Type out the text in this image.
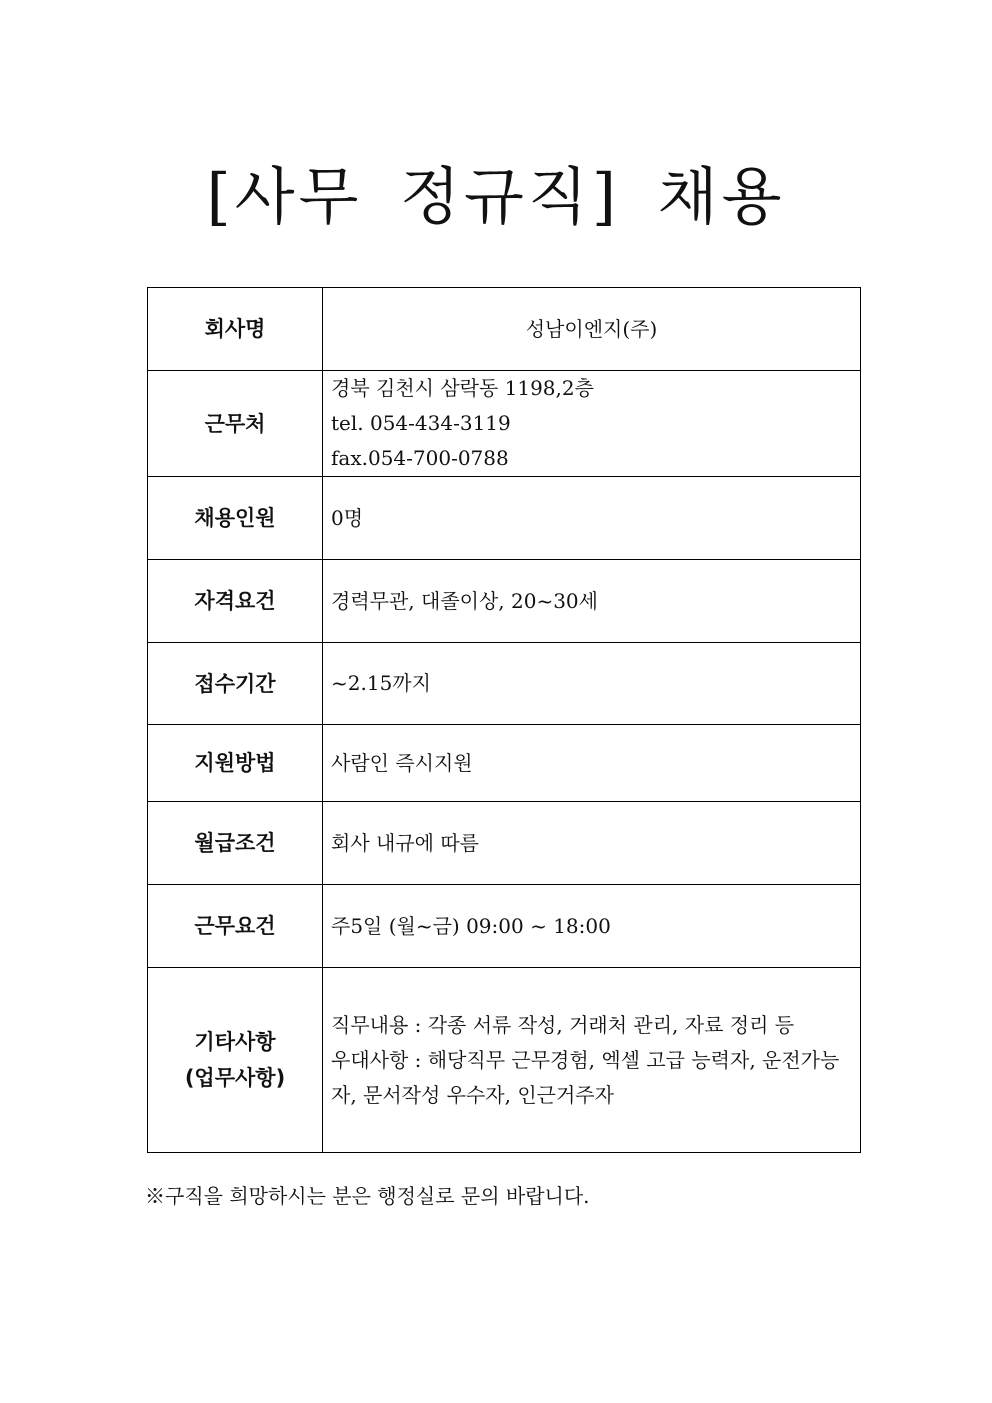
[사무 정규직] 채용
회사명	성남이엔지(주)
근무처	경북 김천시 삼락동 1198,2층
tel. 054-434-3119
fax.054-700-0788

채용인원	0명
자격요건	경력무관, 대졸이상, 20~30세
접수기간	~2.15까지
지원방법	사람인 즉시지원
월급조건	회사 내규에 따름
근무요건	주5일 (월~금) 09:00 ~ 18:00

기타사항
(업무사항)	직무내용 : 각종 서류 작성, 거래처 관리, 자료 정리 등
우대사항 : 해당직무 근무경험, 엑셀 고급 능력자, 운전가능자, 문서작성 우수자, 인근거주자

※구직을 희망하시는 분은 행정실로 문의 바랍니다.
